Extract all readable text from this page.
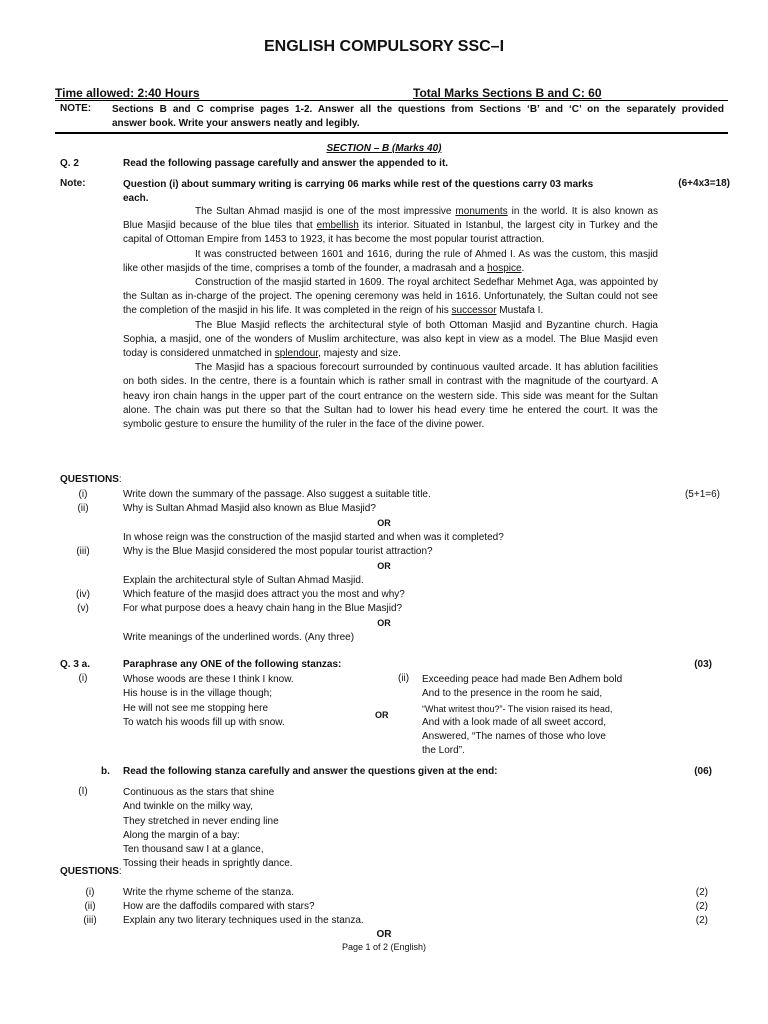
ENGLISH COMPULSORY SSC–I
Time allowed: 2:40 Hours	Total Marks Sections B and C: 60
NOTE: Sections B and C comprise pages 1-2. Answer all the questions from Sections ‘B’ and ‘C’ on the separately provided
answer book. Write your answers neatly and legibly.
SECTION – B (Marks 40)
Q. 2	Read the following passage carefully and answer the appended to it.
Note:	Question (i) about summary writing is carrying 06 marks while rest of the questions carry 03 marks
each.
(6+4x3=18)

The Sultan Ahmad masjid is one of the most impressive monuments in the world. It is also known as Blue Masjid because of the blue tiles that embellish its interior. Situated in Istanbul, the largest city in Turkey and the capital of Ottoman Empire from 1453 to 1923, it has become the most popular tourist attraction.

It was constructed between 1601 and 1616, during the rule of Ahmed I. As was the custom, this masjid like other masjids of the time, comprises a tomb of the founder, a madrasah and a hospice.

Construction of the masjid started in 1609. The royal architect Sedefhar Mehmet Aga, was appointed by the Sultan as in-charge of the project. The opening ceremony was held in 1616. Unfortunately, the Sultan could not see the completion of the masjid in his life. It was completed in the reign of his successor Mustafa I.

The Blue Masjid reflects the architectural style of both Ottoman Masjid and Byzantine church. Hagia Sophia, a masjid, one of the wonders of Muslim architecture, was also kept in view as a model. The Blue Masjid even today is considered unmatched in splendour, majesty and size.

The Masjid has a spacious forecourt surrounded by continuous vaulted arcade. It has ablution facilities on both sides. In the centre, there is a fountain which is rather small in contrast with the magnitude of the courtyard. A heavy iron chain hangs in the upper part of the court entrance on the western side. This side was meant for the Sultan alone. The chain was put there so that the Sultan had to lower his head every time he entered the court. It was the symbolic gesture to ensure the humility of the ruler in the face of the divine power.

QUESTIONS:
(i)	Write down the summary of the passage. Also suggest a suitable title.	(5+1=6)
(ii)	Why is Sultan Ahmad Masjid also known as Blue Masjid?
OR
In whose reign was the construction of the masjid started and when was it completed?
(iii)	Why is the Blue Masjid considered the most popular tourist attraction?
OR
Explain the architectural style of Sultan Ahmad Masjid.
(iv)	Which feature of the masjid does attract you the most and why?
(v)	For what purpose does a heavy chain hang in the Blue Masjid?
OR
Write meanings of the underlined words. (Any three)
Q. 3 a.	Paraphrase any ONE of the following stanzas:	(03)
(i)	Whose woods are these I think I know.
His house is in the village though;
He will not see me stopping here
To watch his woods fill up with snow.
OR
(ii) Exceeding peace had made Ben Adhem bold
And to the presence in the room he said,
“What writest thou?”- The vision raised its head,
And with a look made of all sweet accord,
Answered, “The names of those who love
the Lord”.
b. Read the following stanza carefully and answer the questions given at the end:	(06)
(I)	Continuous as the stars that shine
And twinkle on the milky way,
They stretched in never ending line
Along the margin of a bay:
Ten thousand saw I at a glance,
Tossing their heads in sprightly dance.
QUESTIONS:
(i)	Write the rhyme scheme of the stanza.	(2)
(ii)	How are the daffodils compared with stars?	(2)
(iii)	Explain any two literary techniques used in the stanza.	(2)
OR
Page 1 of 2 (English)
